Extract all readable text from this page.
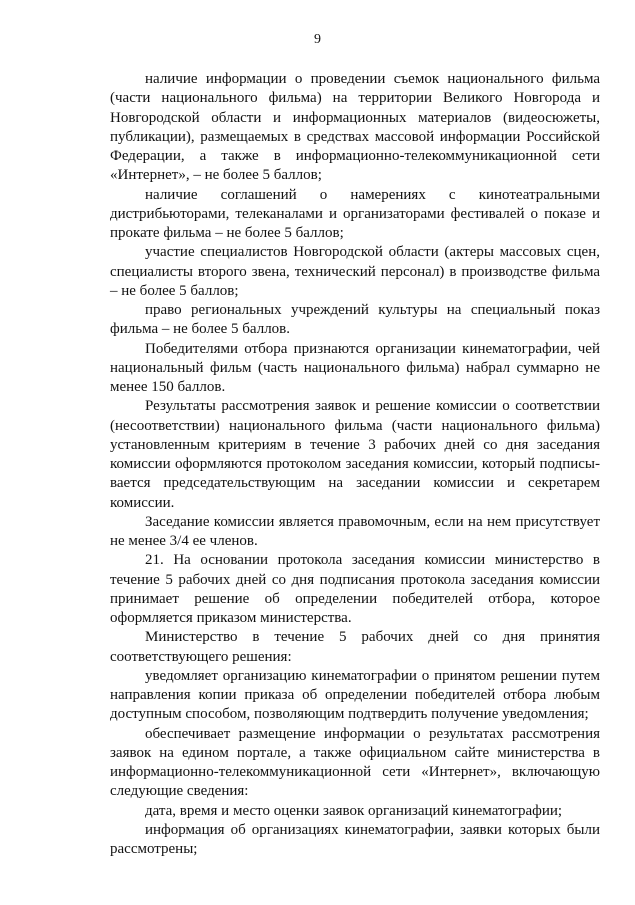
9

наличие информации о проведении съемок национального фильма (части национального фильма) на территории Великого Новгорода и Новгородской области и информационных материалов (видеосюжеты, публикации), размещаемых в средствах массовой информации Российской Федерации, а также в информационно-телекоммуникационной сети «Интернет», – не более 5 баллов;

наличие соглашений о намерениях с кинотеатральными дистрибьюторами, телеканалами и организаторами фестивалей о показе и прокате фильма – не более 5 баллов;

участие специалистов Новгородской области (актеры массовых сцен, специалисты второго звена, технический персонал) в производстве фильма – не более 5 баллов;

право региональных учреждений культуры на специальный показ фильма – не более 5 баллов.

Победителями отбора признаются организации кинематографии, чей национальный фильм (часть национального фильма) набрал суммарно не менее 150 баллов.

Результаты рассмотрения заявок и решение комиссии о соответствии (несоответствии) национального фильма (части национального фильма) установленным критериям в течение 3 рабочих дней со дня заседания комиссии оформляются протоколом заседания комиссии, который подписывается председательствующим на заседании комиссии и секретарем комиссии.

Заседание комиссии является правомочным, если на нем присутствует не менее 3/4 ее членов.

21. На основании протокола заседания комиссии министерство в течение 5 рабочих дней со дня подписания протокола заседания комиссии принимает решение об определении победителей отбора, которое оформляется приказом министерства.

Министерство в течение 5 рабочих дней со дня принятия соответствующего решения:

уведомляет организацию кинематографии о принятом решении путем направления копии приказа об определении победителей отбора любым доступным способом, позволяющим подтвердить получение уведомления;

обеспечивает размещение информации о результатах рассмотрения заявок на едином портале, а также официальном сайте министерства в информационно-телекоммуникационной сети «Интернет», включающую следующие сведения:

дата, время и место оценки заявок организаций кинематографии;

информация об организациях кинематографии, заявки которых были рассмотрены;
